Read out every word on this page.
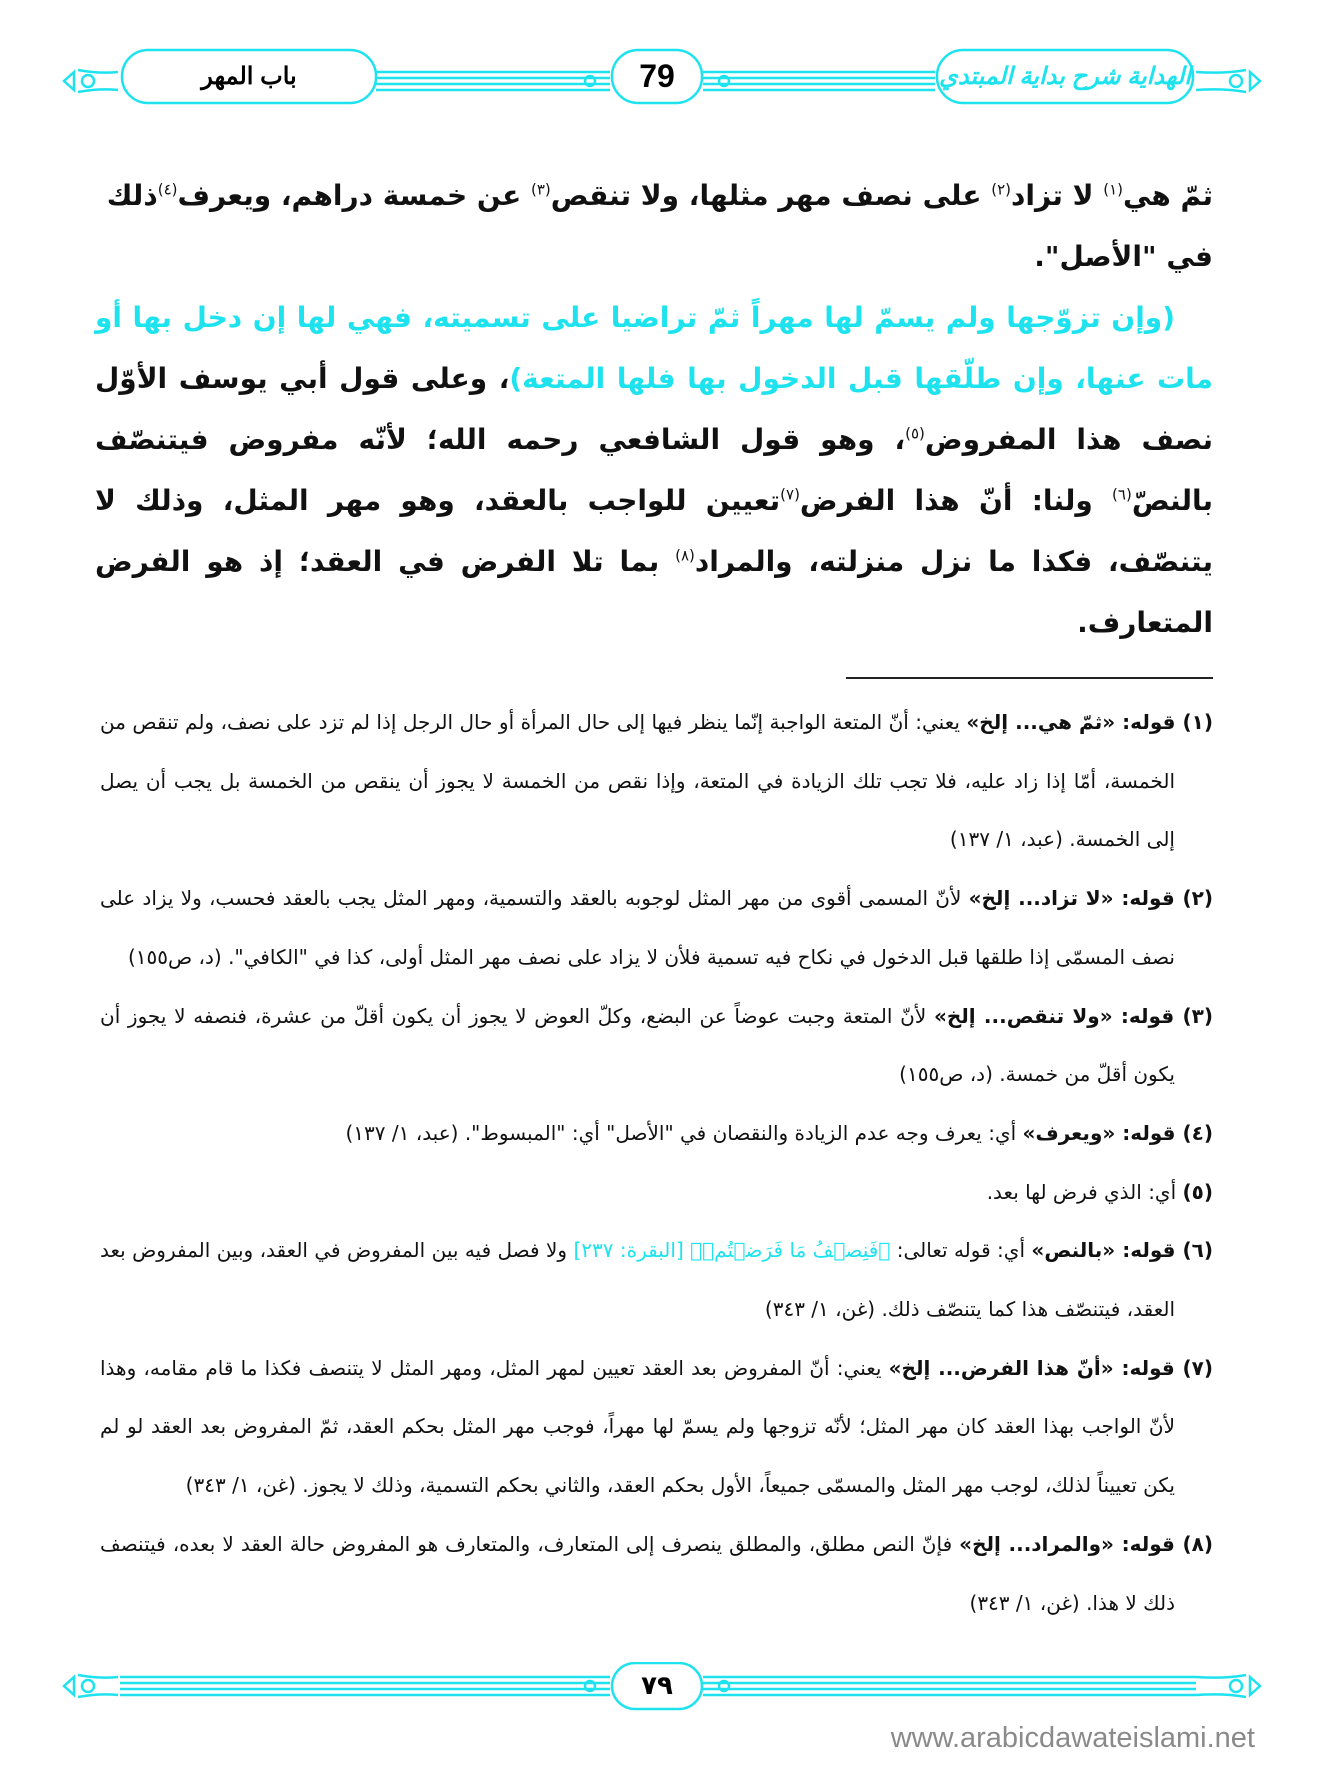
باب المهر	79	الهداية شرح بداية المبتدي

ثمّ هي$^{(١)}$ لا تزاد$^{(٢)}$ على نصف مهر مثلها، ولا تنقص$^{(٣)}$ عن خمسة دراهم، ويعرف$^{(٤)}$ذلك في "الأصل".

(وإن تزوّجها ولم يسمّ لها مهراً ثمّ تراضيا على تسميته، فهي لها إن دخل بها أو مات عنها، وإن طلّقها قبل الدخول بها فلها المتعة)، وعلى قول أبي يوسف الأوّل نصف هذا المفروض$^{(٥)}$، وهو قول الشافعي رحمه الله؛ لأنّه مفروض فيتنصّف بالنصّ$^{(٦)}$ ولنا: أنّ هذا الفرض$^{(٧)}$تعيين للواجب بالعقد، وهو مهر المثل، وذلك لا يتنصّف، فكذا ما نزل منزلته، والمراد$^{(٨)}$ بما تلا الفرض في العقد؛ إذ هو الفرض المتعارف.

(١) قوله: «ثمّ هي... إلخ» يعني: أنّ المتعة الواجبة إنّما ينظر فيها إلى حال المرأة أو حال الرجل إذا لم تزد على نصف، ولم تنقص من الخمسة، أمّا إذا زاد عليه، فلا تجب تلك الزيادة في المتعة، وإذا نقص من الخمسة لا يجوز أن ينقص من الخمسة بل يجب أن يصل إلى الخمسة. (عبد، ١/ ١٣٧)

(٢) قوله: «لا تزاد... إلخ» لأنّ المسمى أقوى من مهر المثل لوجوبه بالعقد والتسمية، ومهر المثل يجب بالعقد فحسب، ولا يزاد على نصف المسمّى إذا طلقها قبل الدخول في نكاح فيه تسمية فلأن لا يزاد على نصف مهر المثل أولى، كذا في "الكافي". (د، ص١٥٥)

(٣) قوله: «ولا تنقص... إلخ» لأنّ المتعة وجبت عوضاً عن البضع، وكلّ العوض لا يجوز أن يكون أقلّ من عشرة، فنصفه لا يجوز أن يكون أقلّ من خمسة. (د، ص١٥٥)

(٤) قوله: «ويعرف» أي: يعرف وجه عدم الزيادة والنقصان في "الأصل" أي: "المبسوط". (عبد، ١/ ١٣٧)

(٥) أي: الذي فرض لها بعد.

(٦) قوله: «بالنص» أي: قوله تعالى: ﴿فَنِصۡفُ مَا فَرَضۡتُمۡ﴾ [البقرة: ٢٣٧] ولا فصل فيه بين المفروض في العقد، وبين المفروض بعد العقد، فيتنصّف هذا كما يتنصّف ذلك. (غن، ١/ ٣٤٣)

(٧) قوله: «أنّ هذا الفرض... إلخ» يعني: أنّ المفروض بعد العقد تعيين لمهر المثل، ومهر المثل لا يتنصف فكذا ما قام مقامه، وهذا لأنّ الواجب بهذا العقد كان مهر المثل؛ لأنّه تزوجها ولم يسمّ لها مهراً، فوجب مهر المثل بحكم العقد، ثمّ المفروض بعد العقد لو لم يكن تعييناً لذلك، لوجب مهر المثل والمسمّى جميعاً، الأول بحكم العقد، والثاني بحكم التسمية، وذلك لا يجوز. (غن، ١/ ٣٤٣)

(٨) قوله: «والمراد... إلخ» فإنّ النص مطلق، والمطلق ينصرف إلى المتعارف، والمتعارف هو المفروض حالة العقد لا بعده، فيتنصف ذلك لا هذا. (غن، ١/ ٣٤٣)

٧٩
www.arabicdawateislami.net
